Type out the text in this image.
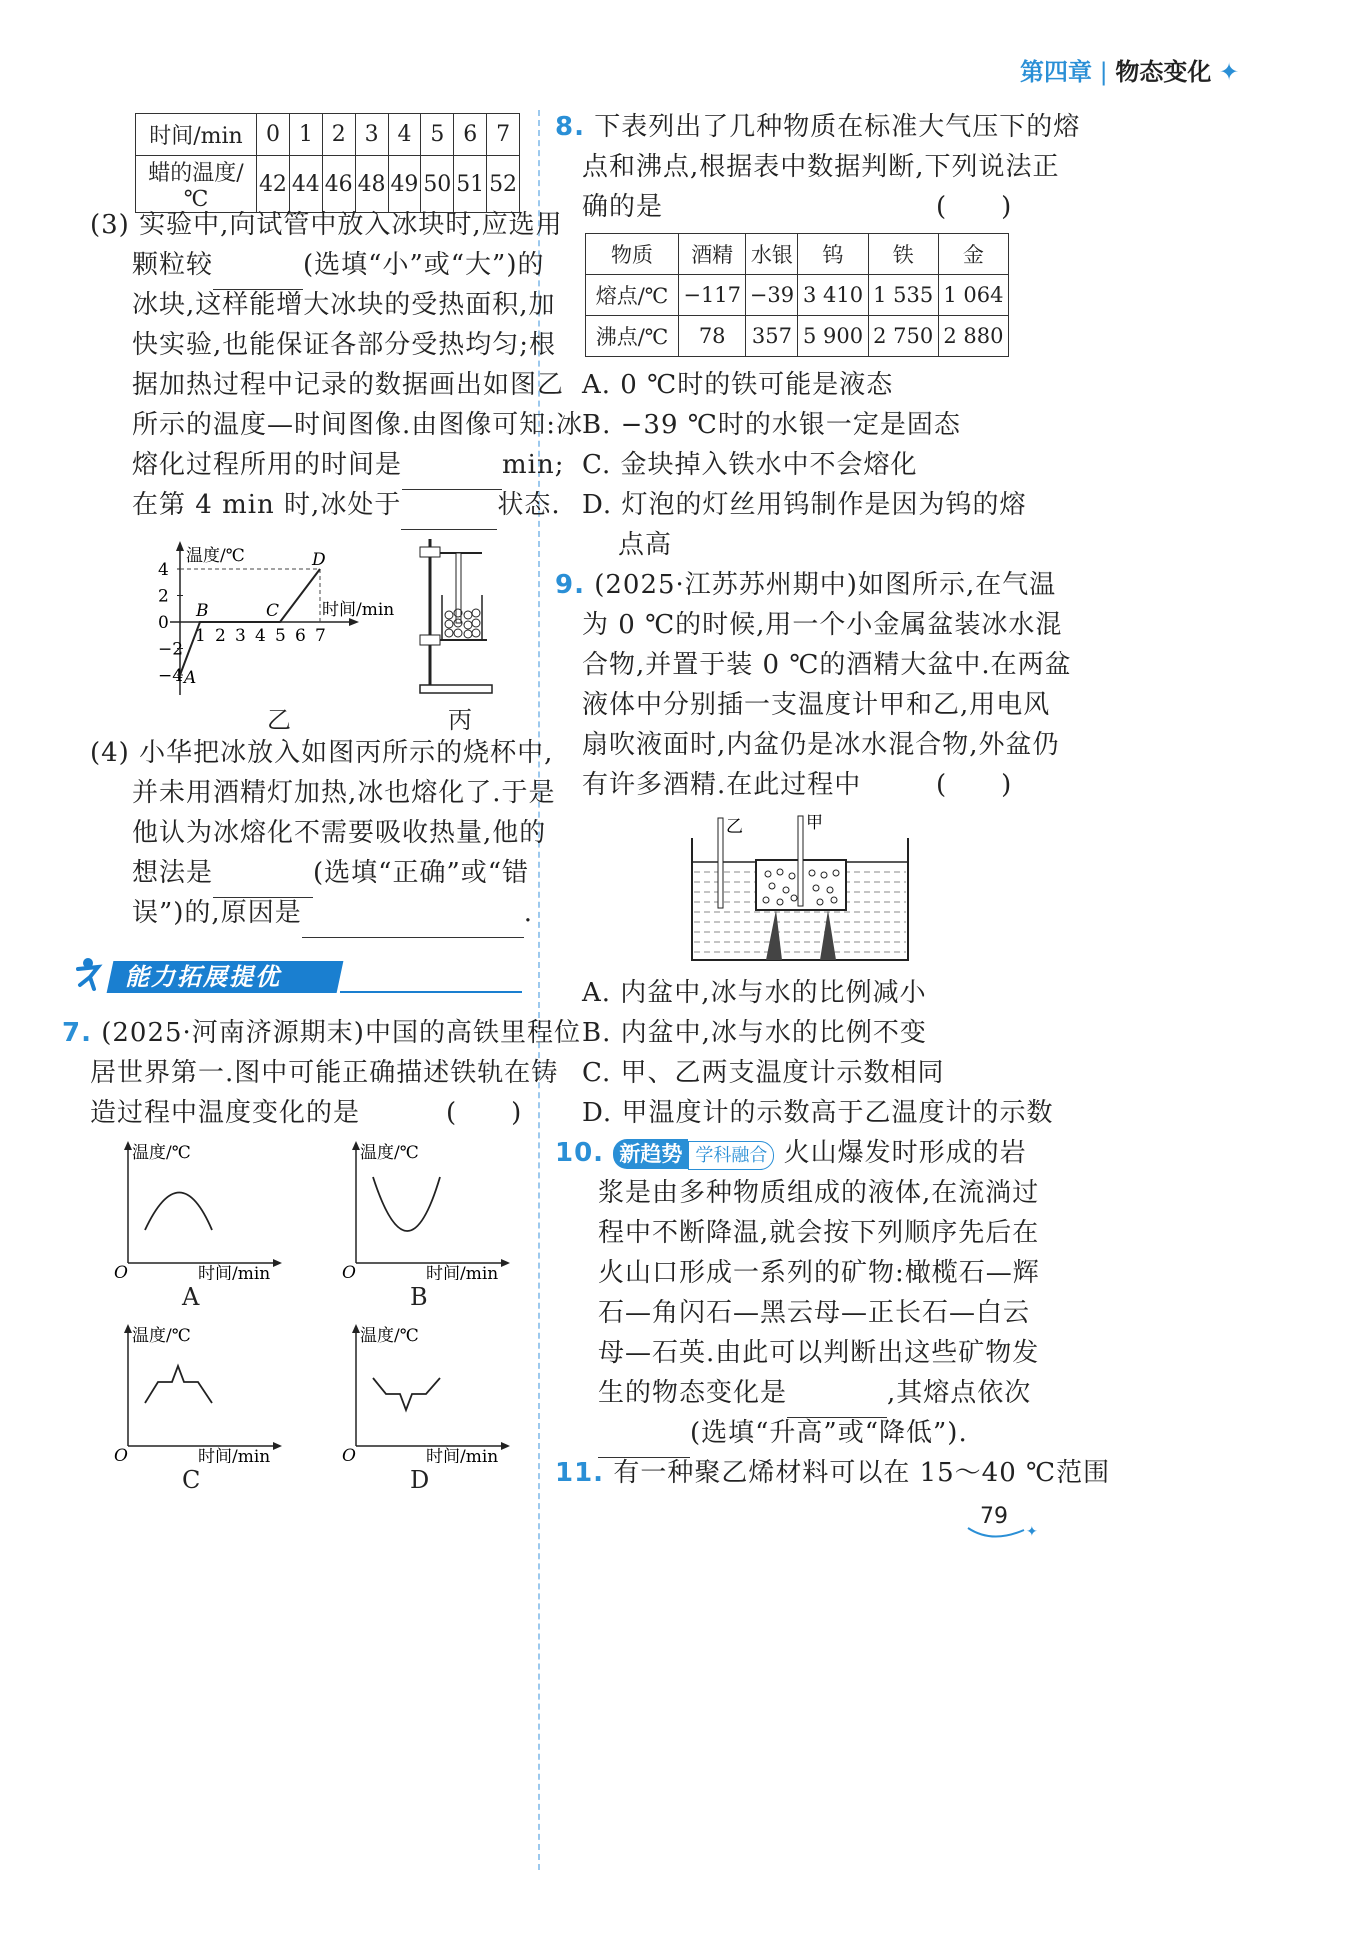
第四章 | 物态变化 ✦
时间/min	0	1	2	3	4	5	6	7
蜡的温度/℃	42	44	46	48	49	50	51	52
(3) 实验中,向试管中放入冰块时,应选用
颗粒较	(选填“小”或“大”)的
冰块,这样能增大冰块的受热面积,加
快实验,也能保证各部分受热均匀;根
据加热过程中记录的数据画出如图乙
所示的温度—时间图像.由图像可知:冰
熔化过程所用的时间是	min;
在第 4 min 时,冰处于	状态.
温度/℃
时间/min
4
2
0
−2
−4
1 2 3 4 5 6 7
A
B	C
D
乙	丙
(4) 小华把冰放入如图丙所示的烧杯中,
并未用酒精灯加热,冰也熔化了.于是
他认为冰熔化不需要吸收热量,他的
想法是	(选填“正确”或“错
误”)的,原因是	.
能力拓展提优
7. (2025·河南济源期末)中国的高铁里程位
居世界第一.图中可能正确描述铁轨在铸
造过程中温度变化的是	(　　)
温度/℃
时间/min
O
A
温度/℃
时间/min
O
B
温度/℃
时间/min
O
C
温度/℃
时间/min
O
D
8. 下表列出了几种物质在标准大气压下的熔
点和沸点,根据表中数据判断,下列说法正
确的是	(　　)
物质	酒精	水银	钨	铁	金
熔点/℃	−117	−39	3 410	1 535	1 064
沸点/℃	78	357	5 900	2 750	2 880
A. 0 ℃时的铁可能是液态
B. −39 ℃时的水银一定是固态
C. 金块掉入铁水中不会熔化
D. 灯泡的灯丝用钨制作是因为钨的熔
点高
9. (2025·江苏苏州期中)如图所示,在气温
为 0 ℃的时候,用一个小金属盆装冰水混
合物,并置于装 0 ℃的酒精大盆中.在两盆
液体中分别插一支温度计甲和乙,用电风
扇吹液面时,内盆仍是冰水混合物,外盆仍
有许多酒精.在此过程中	(　　)
乙	甲
A. 内盆中,冰与水的比例减小
B. 内盆中,冰与水的比例不变
C. 甲、乙两支温度计示数相同
D. 甲温度计的示数高于乙温度计的示数
10. 新趋势 学科融合 火山爆发时形成的岩
浆是由多种物质组成的液体,在流淌过
程中不断降温,就会按下列顺序先后在
火山口形成一系列的矿物:橄榄石—辉
石—角闪石—黑云母—正长石—白云
母—石英.由此可以判断出这些矿物发
生的物态变化是	,其熔点依次
(选填“升高”或“降低”).
11. 有一种聚乙烯材料可以在 15～40 ℃范围
✦
79
